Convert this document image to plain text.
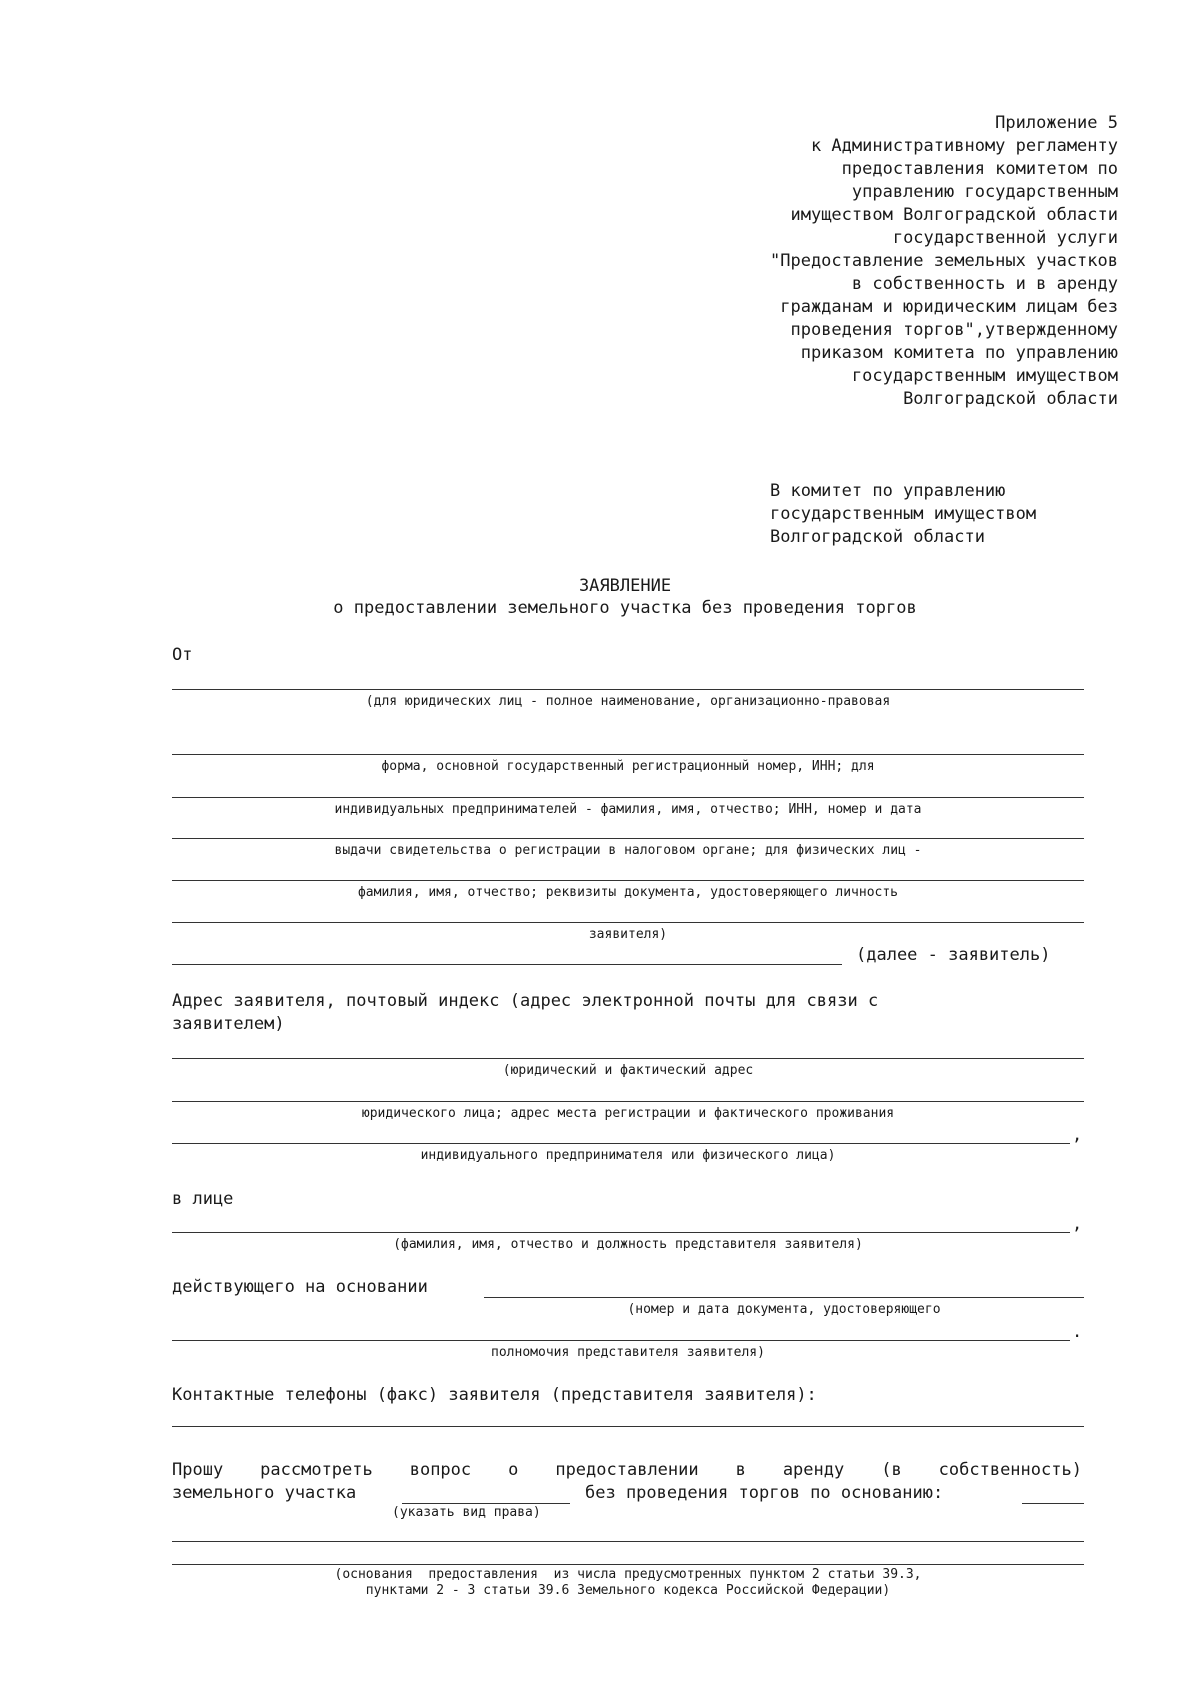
Приложение 5
к Административному регламенту
предоставления комитетом по
управлению государственным
имуществом Волгоградской области
государственной услуги
"Предоставление земельных участков
в собственность и в аренду
гражданам и юридическим лицам без
проведения торгов",утвержденному
приказом комитета по управлению
государственным имуществом
Волгоградской области
В комитет по управлению
государственным имуществом
Волгоградской области
ЗАЯВЛЕНИЕ
о предоставлении земельного участка без проведения торгов
От
(для юридических лиц - полное наименование, организационно-правовая
форма, основной государственный регистрационный номер, ИНН; для
индивидуальных предпринимателей - фамилия, имя, отчество; ИНН, номер и дата
выдачи свидетельства о регистрации в налоговом органе; для физических лиц -
фамилия, имя, отчество; реквизиты документа, удостоверяющего личность
заявителя)
(далее - заявитель)
Адрес заявителя, почтовый индекс (адрес электронной почты для связи с
заявителем)
(юридический и фактический адрес
юридического лица; адрес места регистрации и фактического проживания
,
индивидуального предпринимателя или физического лица)
в лице
,
(фамилия, имя, отчество и должность представителя заявителя)
действующего на основании
(номер и дата документа, удостоверяющего
.
полномочия представителя заявителя)
Контактные телефоны (факс) заявителя (представителя заявителя):
Прошу рассмотреть вопрос о предоставлении в аренду (в собственность)
земельного участка	без проведения торгов по основанию:
(указать вид права)
(основания  предоставления  из числа предусмотренных пунктом 2 статьи 39.3,
пунктами 2 - 3 статьи 39.6 Земельного кодекса Российской Федерации)
